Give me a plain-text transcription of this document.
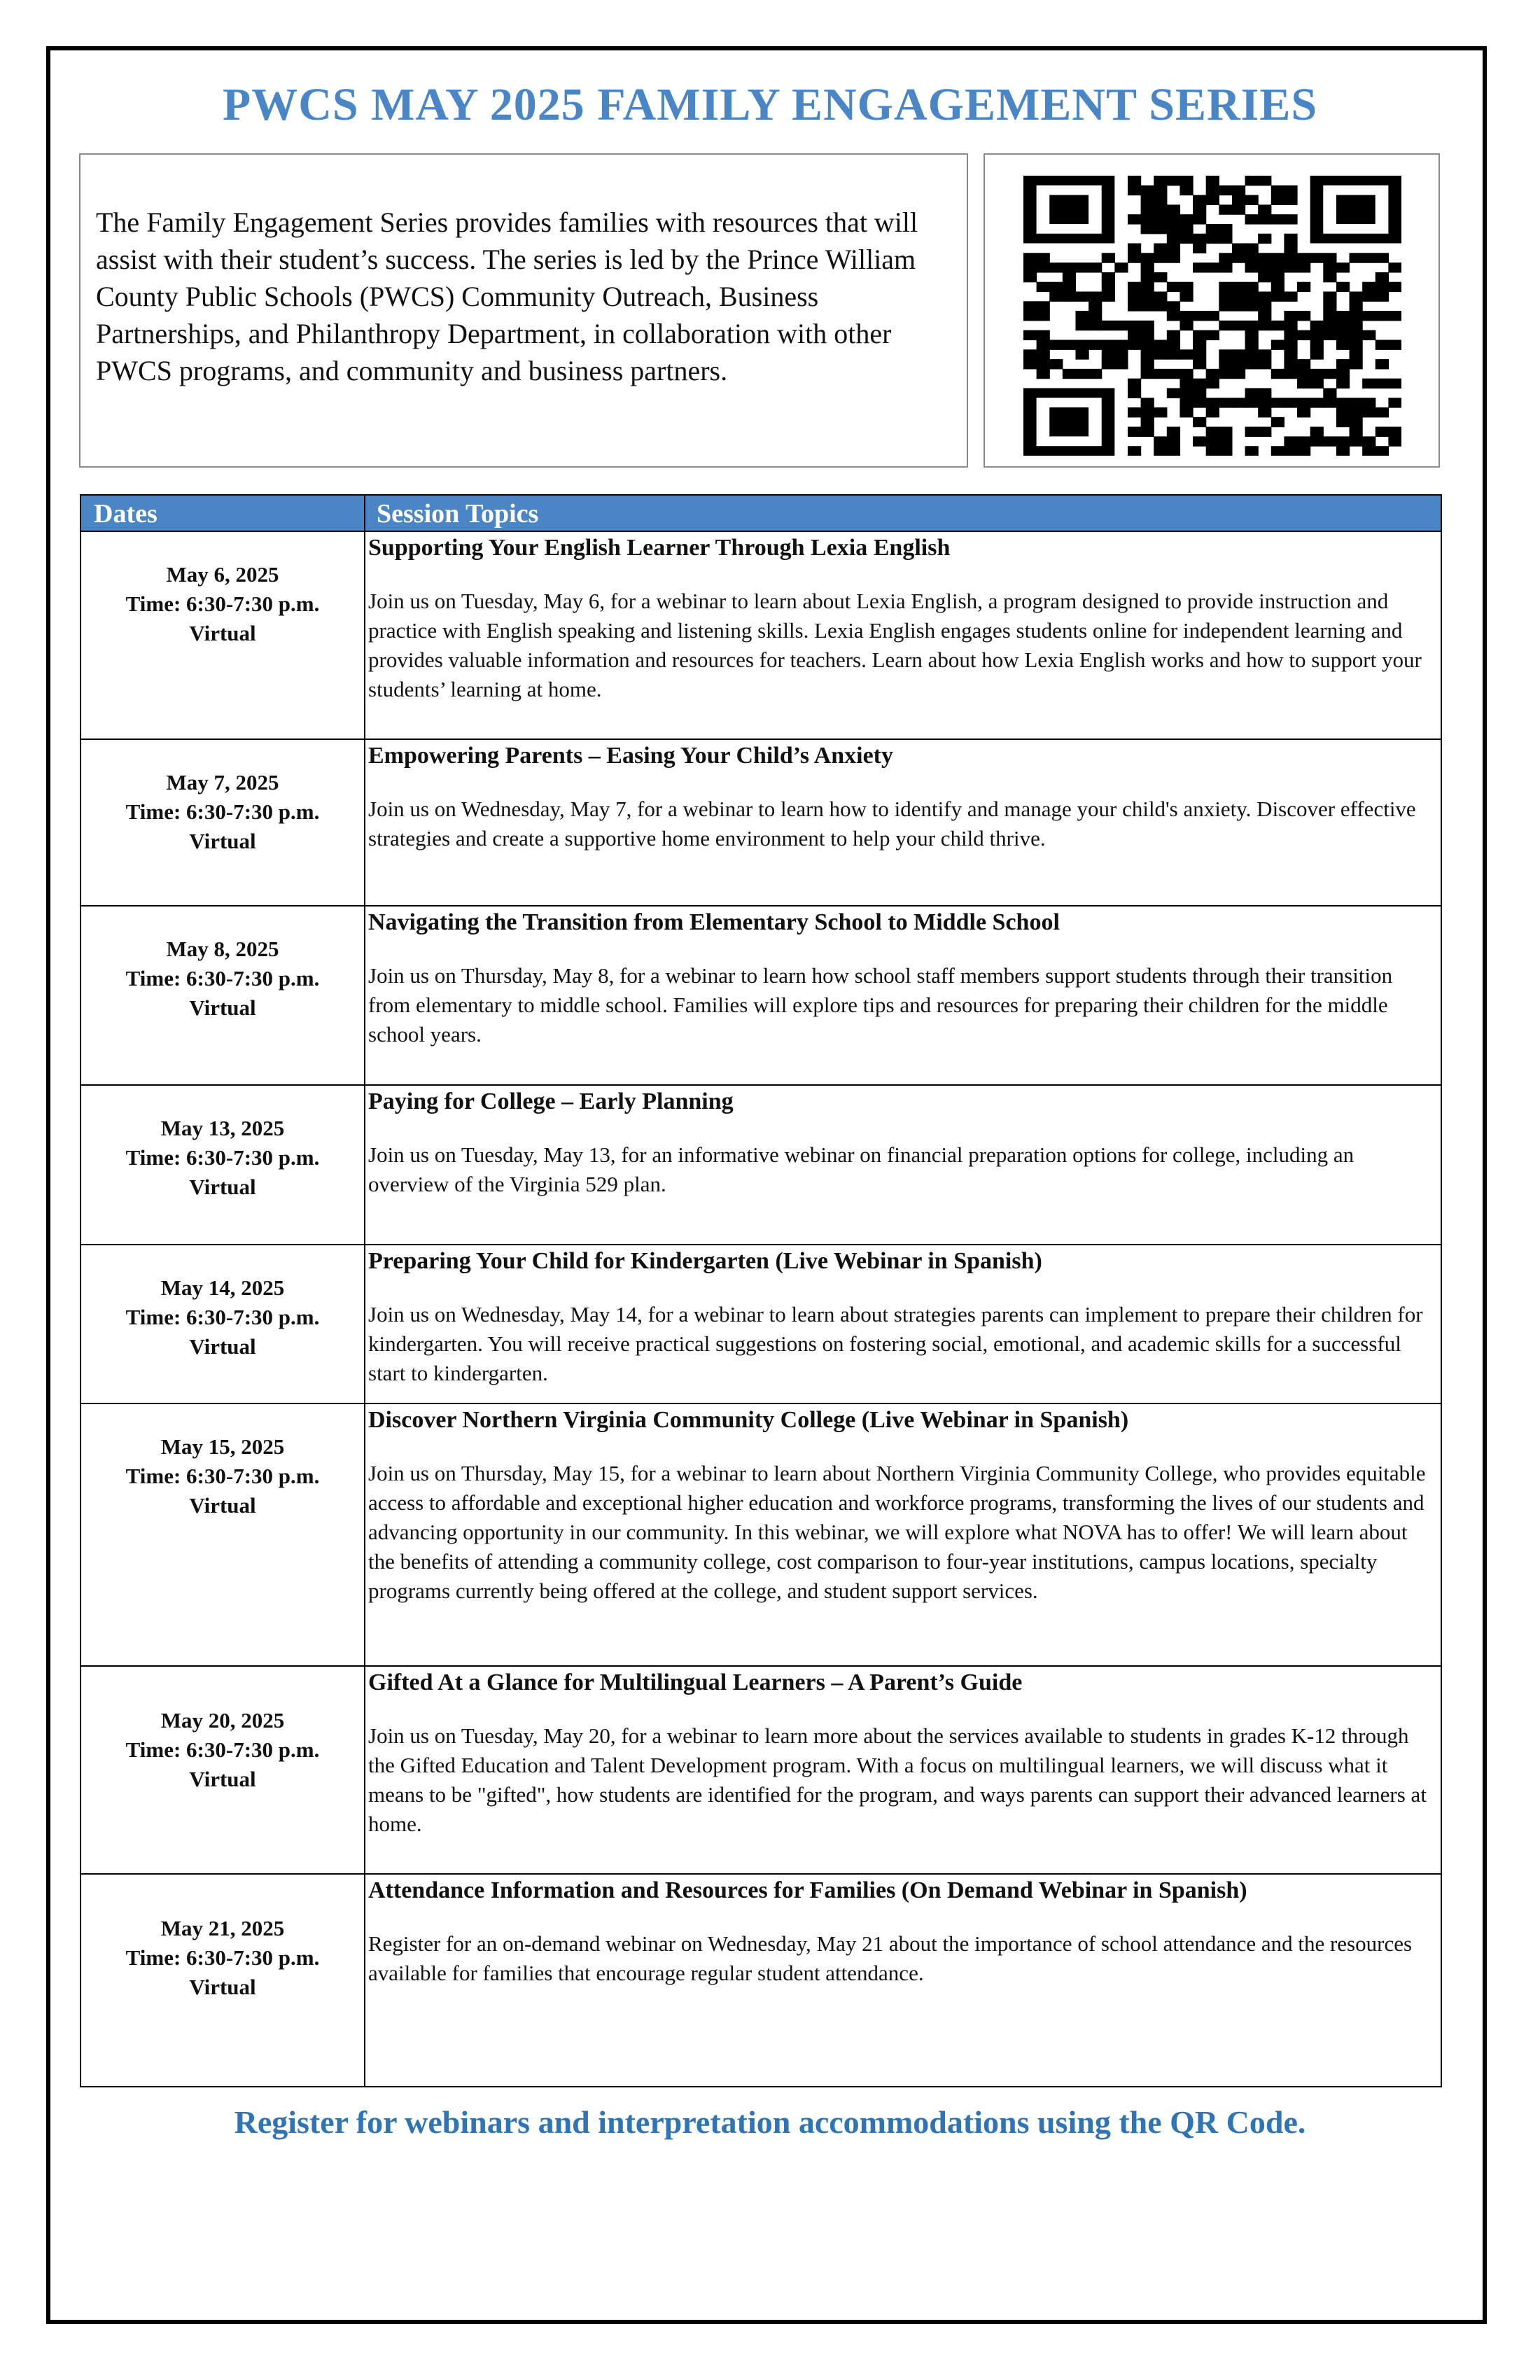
PWCS MAY 2025 FAMILY ENGAGEMENT SERIES
The Family Engagement Series provides families with resources that will assist with their student’s success. The series is led by the Prince William County Public Schools (PWCS) Community Outreach, Business Partnerships, and Philanthropy Department, in collaboration with other PWCS programs, and community and business partners.
Dates	Session Topics
May 6, 2025
Time: 6:30-7:30 p.m.
Virtual
Supporting Your English Learner Through Lexia English
Join us on Tuesday, May 6, for a webinar to learn about Lexia English, a program designed to provide instruction and practice with English speaking and listening skills. Lexia English engages students online for independent learning and provides valuable information and resources for teachers. Learn about how Lexia English works and how to support your students’ learning at home.
May 7, 2025
Time: 6:30-7:30 p.m.
Virtual
Empowering Parents – Easing Your Child’s Anxiety
Join us on Wednesday, May 7, for a webinar to learn how to identify and manage your child's anxiety. Discover effective strategies and create a supportive home environment to help your child thrive.
May 8, 2025
Time: 6:30-7:30 p.m.
Virtual
Navigating the Transition from Elementary School to Middle School
Join us on Thursday, May 8, for a webinar to learn how school staff members support students through their transition from elementary to middle school. Families will explore tips and resources for preparing their children for the middle school years.
May 13, 2025
Time: 6:30-7:30 p.m.
Virtual
Paying for College – Early Planning
Join us on Tuesday, May 13, for an informative webinar on financial preparation options for college, including an overview of the Virginia 529 plan.
May 14, 2025
Time: 6:30-7:30 p.m.
Virtual
Preparing Your Child for Kindergarten (Live Webinar in Spanish)
Join us on Wednesday, May 14, for a webinar to learn about strategies parents can implement to prepare their children for kindergarten. You will receive practical suggestions on fostering social, emotional, and academic skills for a successful start to kindergarten.
May 15, 2025
Time: 6:30-7:30 p.m.
Virtual
Discover Northern Virginia Community College (Live Webinar in Spanish)
Join us on Thursday, May 15, for a webinar to learn about Northern Virginia Community College, who provides equitable access to affordable and exceptional higher education and workforce programs, transforming the lives of our students and advancing opportunity in our community. In this webinar, we will explore what NOVA has to offer! We will learn about the benefits of attending a community college, cost comparison to four-year institutions, campus locations, specialty programs currently being offered at the college, and student support services.
May 20, 2025
Time: 6:30-7:30 p.m.
Virtual
Gifted At a Glance for Multilingual Learners – A Parent’s Guide
Join us on Tuesday, May 20, for a webinar to learn more about the services available to students in grades K-12 through the Gifted Education and Talent Development program. With a focus on multilingual learners, we will discuss what it means to be "gifted", how students are identified for the program, and ways parents can support their advanced learners at home.
May 21, 2025
Time: 6:30-7:30 p.m.
Virtual
Attendance Information and Resources for Families (On Demand Webinar in Spanish)
Register for an on-demand webinar on Wednesday, May 21 about the importance of school attendance and the resources available for families that encourage regular student attendance.
Register for webinars and interpretation accommodations using the QR Code.
